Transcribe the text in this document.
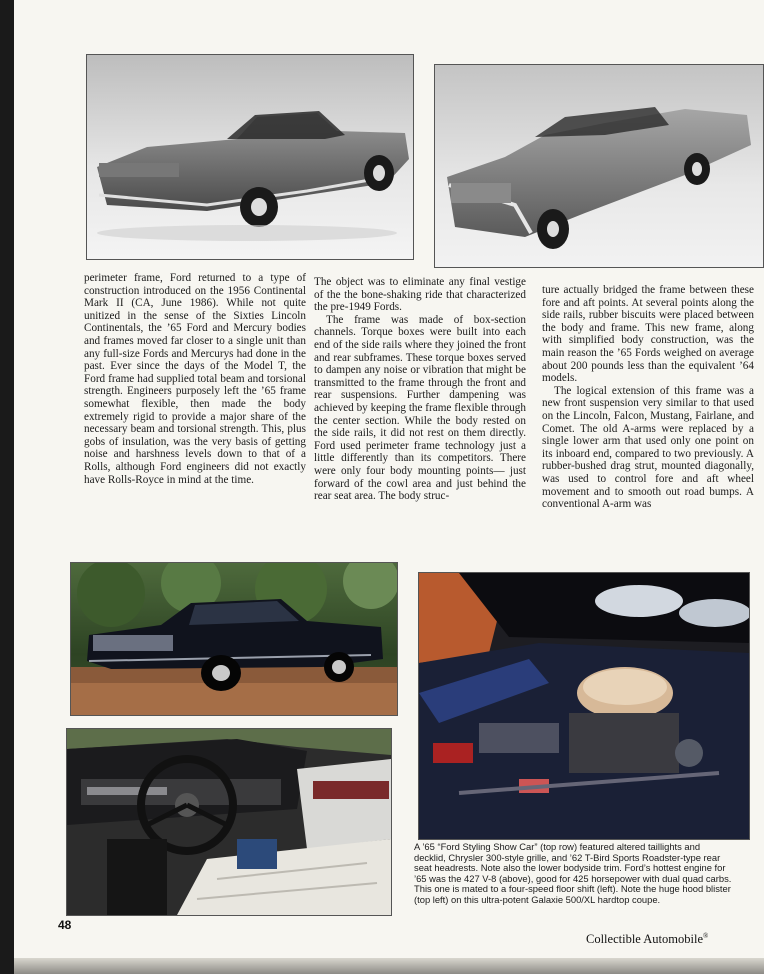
perimeter frame, Ford returned to a type of construction introduced on the 1956 Continental Mark II (CA, June 1986). While not quite unitized in the sense of the Sixties Lincoln Continentals, the ’65 Ford and Mercury bodies and frames moved far closer to a single unit than any full-size Fords and Mercurys had done in the past. Ever since the days of the Model T, the Ford frame had supplied total beam and torsional strength. Engineers purposely left the ’65 frame somewhat flexible, then made the body extremely rigid to provide a major share of the necessary beam and torsional strength. This, plus gobs of insulation, was the very basis of getting noise and harshness levels down to that of a Rolls, although Ford engineers did not exactly have Rolls-Royce in mind at the time.

The object was to eliminate any final vestige of the the bone-shaking ride that characterized the pre-1949 Fords.

The frame was made of box-section channels. Torque boxes were built into each end of the side rails where they joined the front and rear subframes. These torque boxes served to dampen any noise or vibration that might be transmitted to the frame through the front and rear suspensions. Further dampening was achieved by keeping the frame flexible through the center section. While the body rested on the side rails, it did not rest on them directly. Ford used perimeter frame technology just a little differently than its competitors. There were only four body mounting points— just forward of the cowl area and just behind the rear seat area. The body struc-

ture actually bridged the frame between these fore and aft points. At several points along the side rails, rubber biscuits were placed between the body and frame. This new frame, along with simplified body construction, was the main reason the ’65 Fords weighed on average about 200 pounds less than the equivalent ’64 models.

The logical extension of this frame was a new front suspension very similar to that used on the Lincoln, Falcon, Mustang, Fairlane, and Comet. The old A-arms were replaced by a single lower arm that used only one point on its inboard end, compared to two previously. A rubber-bushed drag strut, mounted diagonally, was used to control fore and aft wheel movement and to smooth out road bumps. A conventional A-arm was

A ’65 “Ford Styling Show Car” (top row) featured altered taillights and decklid, Chrysler 300-style grille, and ’62 T-Bird Sports Roadster-type rear seat headrests. Note also the lower bodyside trim. Ford’s hottest engine for ’65 was the 427 V-8 (above), good for 425 horsepower with dual quad carbs. This one is mated to a four-speed floor shift (left). Note the huge hood blister (top left) on this ultra-potent Galaxie 500/XL hardtop coupe.
48
Collectible Automobile®
